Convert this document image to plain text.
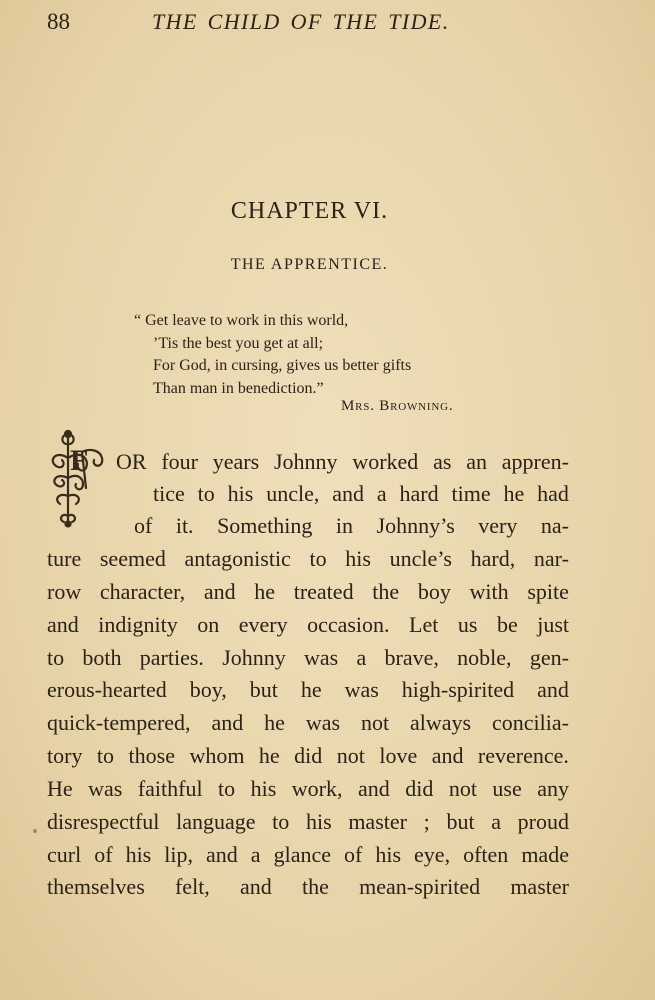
88	THE CHILD OF THE TIDE.
CHAPTER VI.
THE APPRENTICE.
“ Get leave to work in this world,
’Tis the best you get at all;
For God, in cursing, gives us better gifts
Than man in benediction.”
Mrs. Browning.
F OR four years Johnny worked as an appren-
tice to his uncle, and a hard time he had
of it. Something in Johnny’s very na-
ture seemed antagonistic to his uncle’s hard, nar-
row character, and he treated the boy with spite
and indignity on every occasion. Let us be just
to both parties. Johnny was a brave, noble, gen-
erous-hearted boy, but he was high-spirited and
quick-tempered, and he was not always concilia-
tory to those whom he did not love and reverence.
He was faithful to his work, and did not use any
disrespectful language to his master ; but a proud
curl of his lip, and a glance of his eye, often made
themselves felt, and the mean-spirited master
